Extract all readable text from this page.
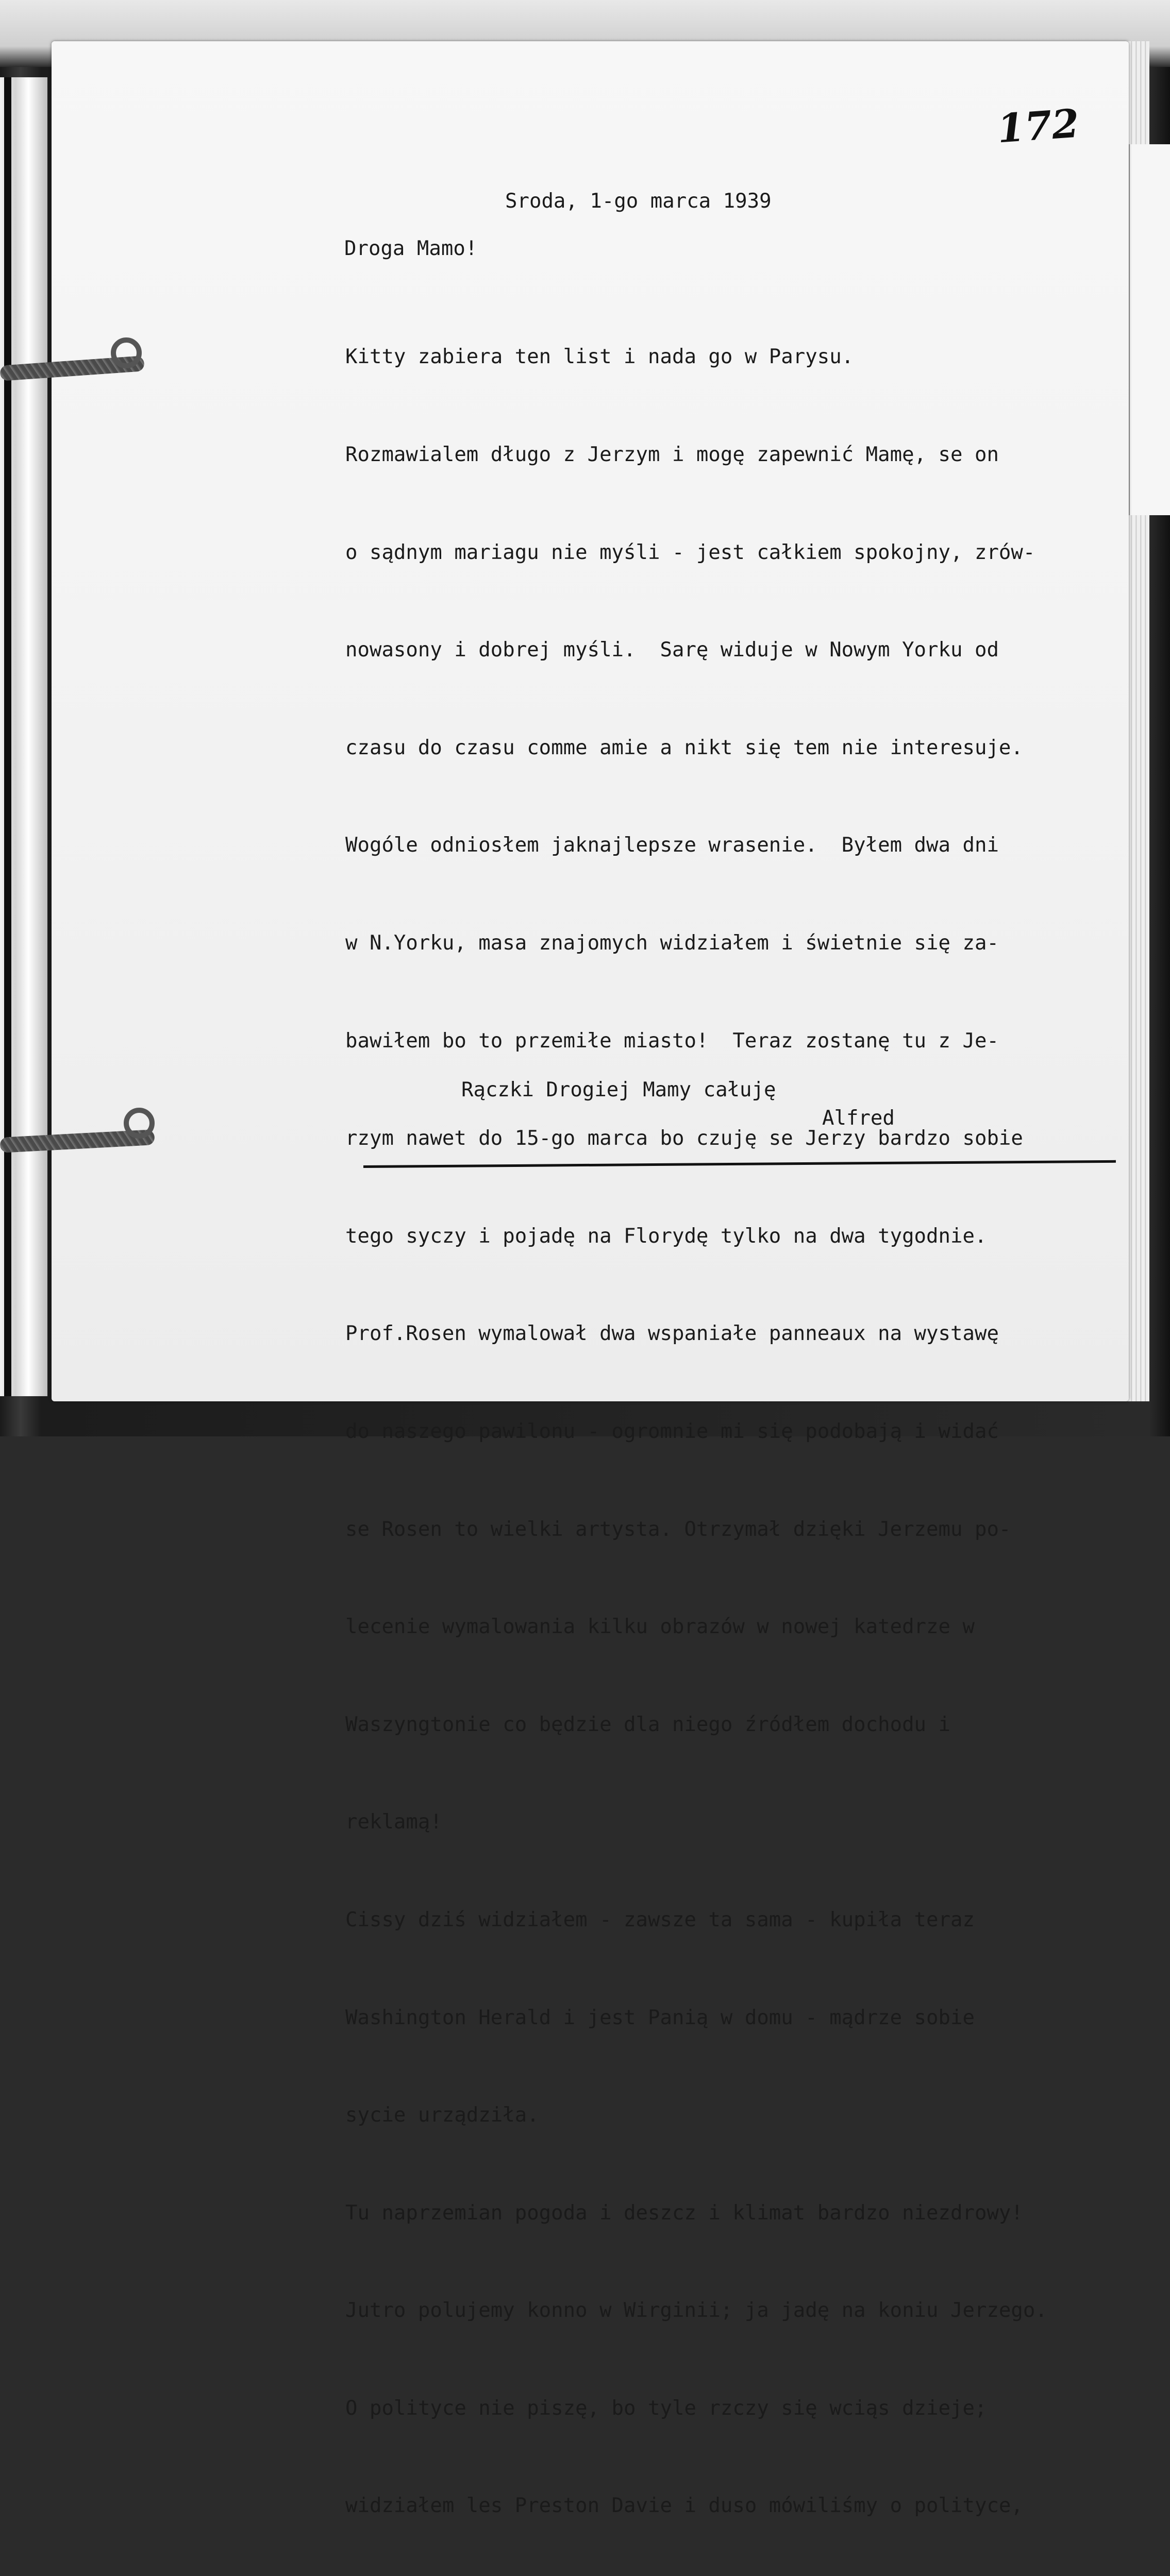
172
Sroda, 1-go marca 1939
Droga Mamo!

Kitty zabiera ten list i nada go w Parysu.

Rozmawialem długo z Jerzym i mogę zapewnić Mamę, se on

o sądnym mariagu nie myśli - jest całkiem spokojny, zrów-

nowasony i dobrej myśli.  Sarę widuje w Nowym Yorku od

czasu do czasu comme amie a nikt się tem nie interesuje.

Wogóle odniosłem jaknajlepsze wrasenie.  Byłem dwa dni

w N.Yorku, masa znajomych widziałem i świetnie się za-

bawiłem bo to przemiłe miasto!  Teraz zostanę tu z Je-

rzym nawet do 15-go marca bo czuję se Jerzy bardzo sobie

tego syczy i pojadę na Florydę tylko na dwa tygodnie.

Prof.Rosen wymalował dwa wspaniałe panneaux na wystawę

do naszego pawilonu - ogromnie mi się podobają i widać

se Rosen to wielki artysta. Otrzymał dzięki Jerzemu po-

lecenie wymalowania kilku obrazów w nowej katedrze w

Waszyngtonie co będzie dla niego źródłem dochodu i

reklamą!

Cissy dziś widziałem - zawsze ta sama - kupiła teraz

Washington Herald i jest Panią w domu - mądrze sobie

sycie urządziła.

Tu naprzemian pogoda i deszcz i klimat bardzo niezdrowy!

Jutro polujemy konno w Wirginii; ja jadę na koniu Jerzego.

O polityce nie piszę, bo tyle rzczy się wciąs dzieje;

widziałem les Preston Davie i duso mówiliśmy o polityce,

Rączki Drogiej Mamy całuję
Alfred
